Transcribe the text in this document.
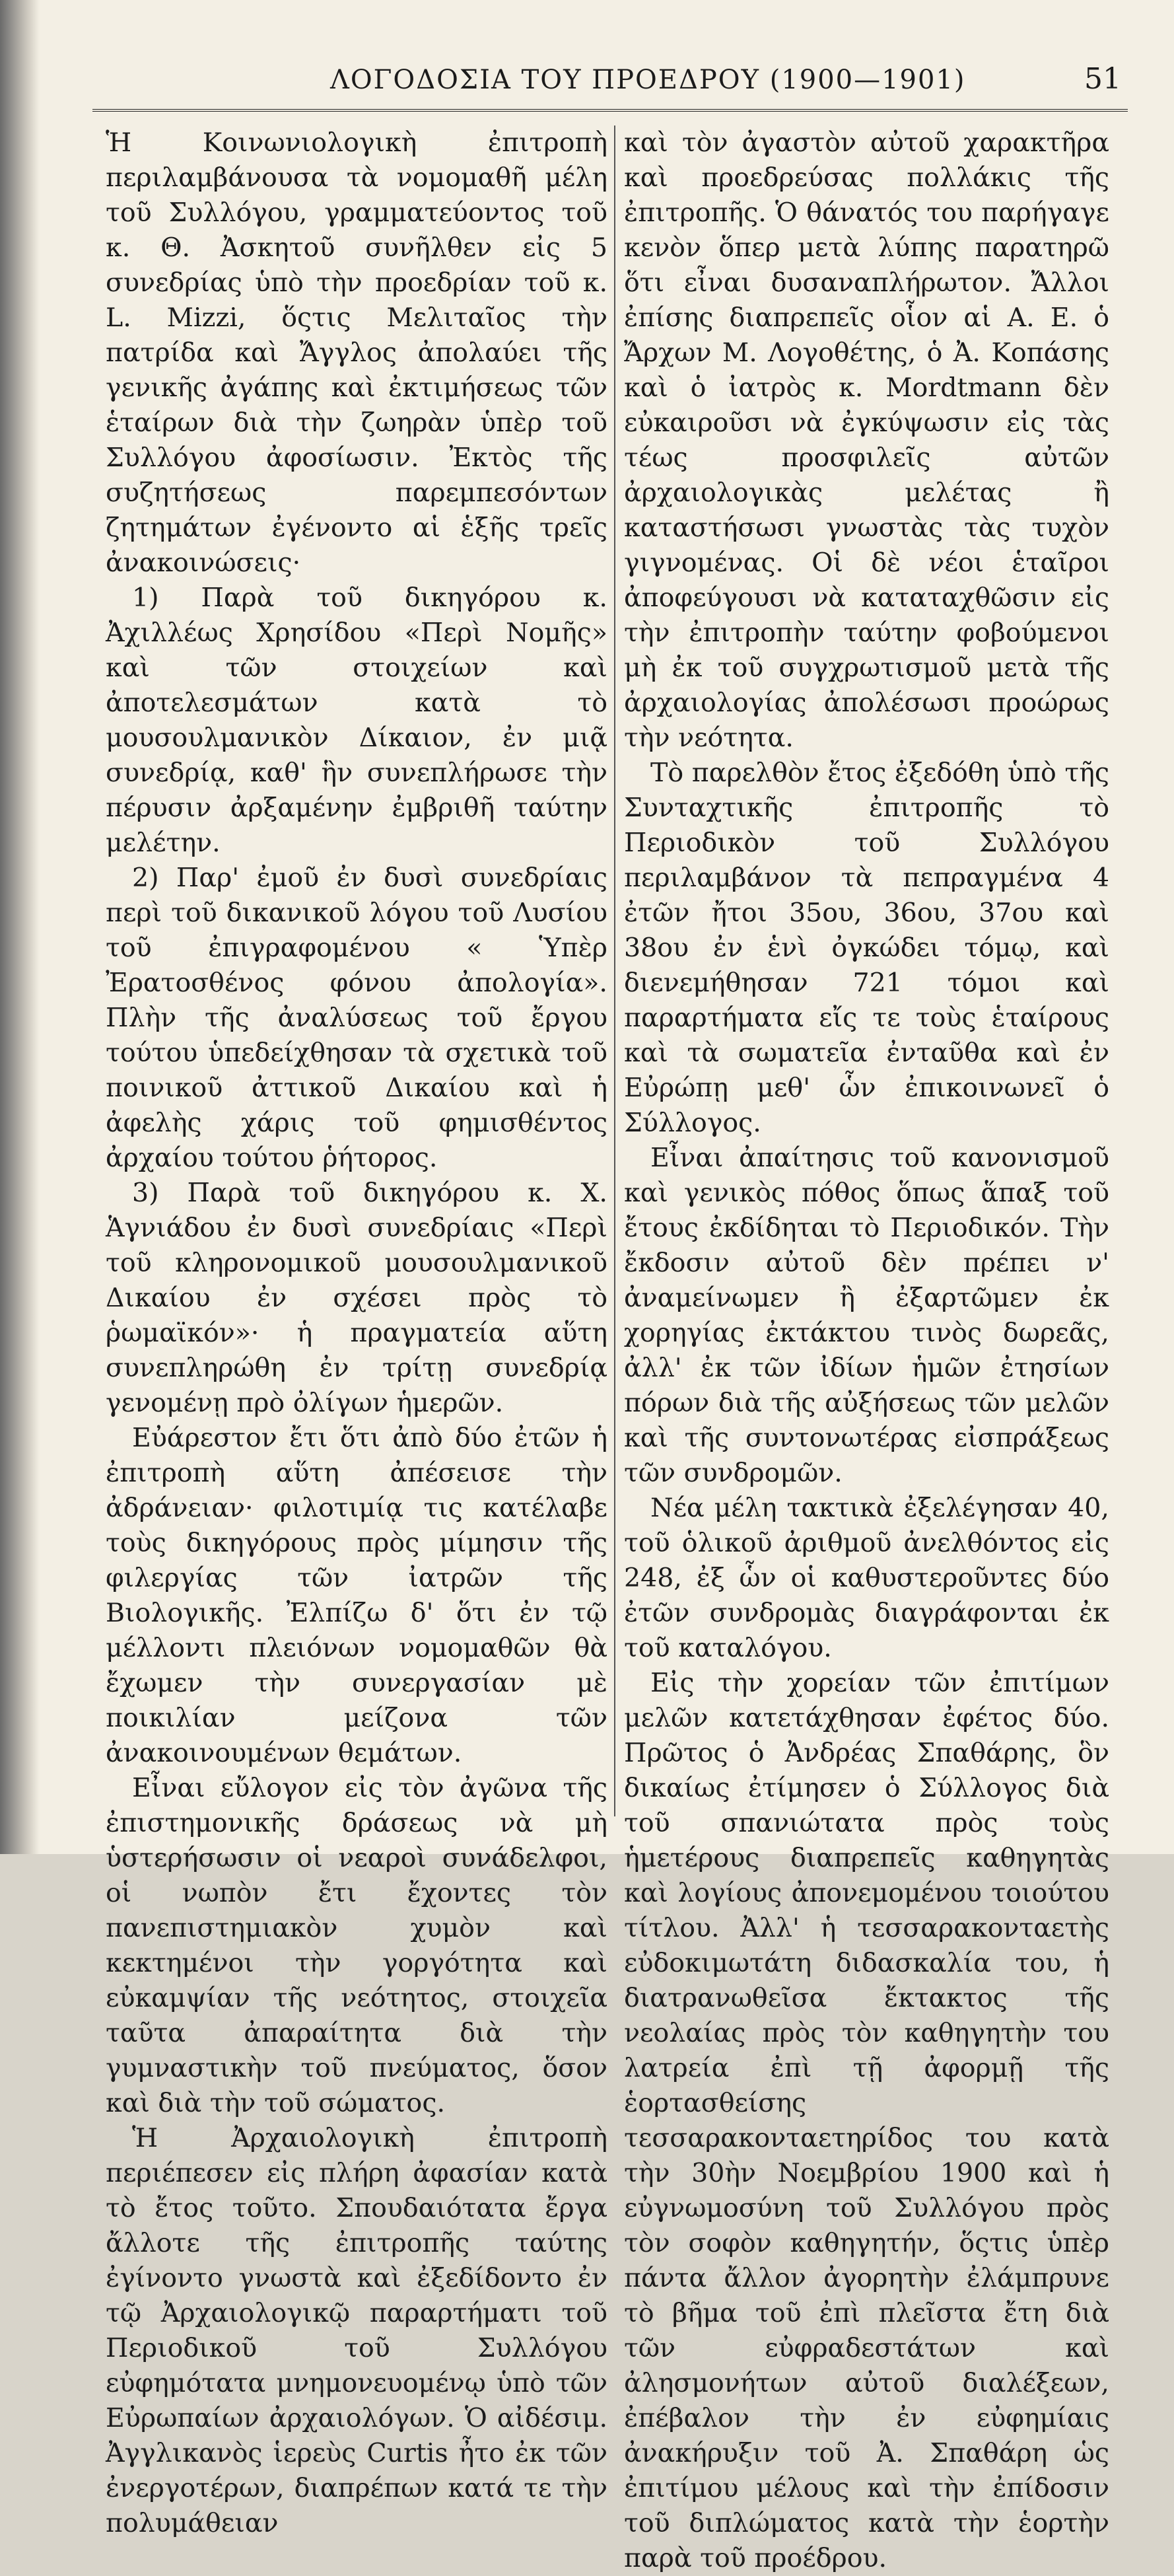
ΛΟΓΟΔΟΣΙΑ ΤΟΥ ΠΡΟΕΔΡΟΥ (1900—1901)	51

Ἡ Κοινωνιολογικὴ ἐπιτροπὴ περιλαμβάνουσα τὰ νομομαθῆ μέλη τοῦ Συλλόγου, γραμματεύοντος τοῦ κ. Θ. Ἀσκητοῦ συνῆλθεν εἰς 5 συνεδρίας ὑπὸ τὴν προεδρίαν τοῦ κ. L. Mizzi, ὅςτις Μελιταῖος τὴν πατρίδα καὶ Ἄγγλος ἀπολαύει τῆς γενικῆς ἀγάπης καὶ ἐκτιμήσεως τῶν ἑταίρων διὰ τὴν ζωηρὰν ὑπὲρ τοῦ Συλλόγου ἀφοσίωσιν. Ἐκτὸς τῆς συζητήσεως παρεμπεσόντων ζητημάτων ἐγένοντο αἱ ἑξῆς τρεῖς ἀνακοινώσεις·

1) Παρὰ τοῦ δικηγόρου κ. Ἀχιλλέως Χρησίδου «Περὶ Νομῆς» καὶ τῶν στοιχείων καὶ ἀποτελεσμάτων κατὰ τὸ μουσουλμανικὸν Δίκαιον, ἐν μιᾷ συνεδρίᾳ, καθ' ἣν συνεπλήρωσε τὴν πέρυσιν ἀρξαμένην ἐμβριθῆ ταύτην μελέτην.

2) Παρ' ἐμοῦ ἐν δυσὶ συνεδρίαις περὶ τοῦ δικανικοῦ λόγου τοῦ Λυσίου τοῦ ἐπιγραφομένου « Ὑπὲρ Ἐρατοσθένος φόνου ἀπολογία». Πλὴν τῆς ἀναλύσεως τοῦ ἔργου τούτου ὑπεδείχθησαν τὰ σχετικὰ τοῦ ποινικοῦ ἀττικοῦ Δικαίου καὶ ἡ ἀφελὴς χάρις τοῦ φημισθέντος ἀρχαίου τούτου ῥήτορος.

3) Παρὰ τοῦ δικηγόρου κ. Χ. Ἁγνιάδου ἐν δυσὶ συνεδρίαις «Περὶ τοῦ κληρονομικοῦ μουσουλμανικοῦ Δικαίου ἐν σχέσει πρὸς τὸ ῥωμαϊκόν»· ἡ πραγματεία αὕτη συνεπληρώθη ἐν τρίτῃ συνεδρίᾳ γενομένῃ πρὸ ὀλίγων ἡμερῶν.

Εὐάρεστον ἔτι ὅτι ἀπὸ δύο ἐτῶν ἡ ἐπιτροπὴ αὕτη ἀπέσεισε τὴν ἀδράνειαν· φιλοτιμίᾳ τις κατέλαβε τοὺς δικηγόρους πρὸς μίμησιν τῆς φιλεργίας τῶν ἰατρῶν τῆς Βιολογικῆς. Ἐλπίζω δ' ὅτι ἐν τῷ μέλλοντι πλειόνων νομομαθῶν θὰ ἔχωμεν τὴν συνεργασίαν μὲ ποικιλίαν μείζονα τῶν ἀνακοινουμένων θεμάτων.

Εἶναι εὔλογον εἰς τὸν ἀγῶνα τῆς ἐπιστημονικῆς δράσεως νὰ μὴ ὑστερήσωσιν οἱ νεαροὶ συνάδελφοι, οἱ νωπὸν ἔτι ἔχοντες τὸν πανεπιστημιακὸν χυμὸν καὶ κεκτημένοι τὴν γοργότητα καὶ εὐκαμψίαν τῆς νεότητος, στοιχεῖα ταῦτα ἀπαραίτητα διὰ τὴν γυμναστικὴν τοῦ πνεύματος, ὅσον καὶ διὰ τὴν τοῦ σώματος.

Ἡ Ἀρχαιολογικὴ ἐπιτροπὴ περιέπεσεν εἰς πλήρη ἀφασίαν κατὰ τὸ ἔτος τοῦτο. Σπουδαιότατα ἔργα ἄλλοτε τῆς ἐπιτροπῆς ταύτης ἐγίνοντο γνωστὰ καὶ ἐξεδίδοντο ἐν τῷ Ἀρχαιολογικῷ παραρτήματι τοῦ Περιοδικοῦ τοῦ Συλλόγου εὐφημότατα μνημονευομένῳ ὑπὸ τῶν Εὐρωπαίων ἀρχαιολόγων. Ὁ αἰδέσιμ. Ἀγγλικανὸς ἱερεὺς Curtis ἦτο ἐκ τῶν ἐνεργοτέρων, διαπρέπων κατά τε τὴν πολυμάθειαν

καὶ τὸν ἀγαστὸν αὐτοῦ χαρακτῆρα καὶ προεδρεύσας πολλάκις τῆς ἐπιτροπῆς. Ὁ θάνατός του παρήγαγε κενὸν ὅπερ μετὰ λύπης παρατηρῶ ὅτι εἶναι δυσαναπλήρωτον. Ἄλλοι ἐπίσης διαπρεπεῖς οἷον αἱ Α. Ε. ὁ Ἄρχων Μ. Λογοθέτης, ὁ Ἀ. Κοπάσης καὶ ὁ ἰατρὸς κ. Mordtmann δὲν εὐκαιροῦσι νὰ ἐγκύψωσιν εἰς τὰς τέως προσφιλεῖς αὐτῶν ἀρχαιολογικὰς μελέτας ἢ καταστήσωσι γνωστὰς τὰς τυχὸν γιγνομένας. Οἱ δὲ νέοι ἑταῖροι ἀποφεύγουσι νὰ καταταχθῶσιν εἰς τὴν ἐπιτροπὴν ταύτην φοβούμενοι μὴ ἐκ τοῦ συγχρωτισμοῦ μετὰ τῆς ἀρχαιολογίας ἀπολέσωσι προώρως τὴν νεότητα.

Τὸ παρελθὸν ἔτος ἐξεδόθη ὑπὸ τῆς Συνταχτικῆς ἐπιτροπῆς τὸ Περιοδικὸν τοῦ Συλλόγου περιλαμβάνον τὰ πεπραγμένα 4 ἐτῶν ἤτοι 35ου, 36ου, 37ου καὶ 38ου ἐν ἑνὶ ὀγκώδει τόμῳ, καὶ διενεμήθησαν 721 τόμοι καὶ παραρτήματα εἴς τε τοὺς ἑταίρους καὶ τὰ σωματεῖα ἐνταῦθα καὶ ἐν Εὐρώπῃ μεθ' ὧν ἐπικοινωνεῖ ὁ Σύλλογος.

Εἶναι ἀπαίτησις τοῦ κανονισμοῦ καὶ γενικὸς πόθος ὅπως ἅπαξ τοῦ ἔτους ἐκδίδηται τὸ Περιοδικόν. Τὴν ἔκδοσιν αὐτοῦ δὲν πρέπει ν' ἀναμείνωμεν ἢ ἐξαρτῶμεν ἐκ χορηγίας ἐκτάκτου τινὸς δωρεᾶς, ἀλλ' ἐκ τῶν ἰδίων ἡμῶν ἐτησίων πόρων διὰ τῆς αὐξήσεως τῶν μελῶν καὶ τῆς συντονωτέρας εἰσπράξεως τῶν συνδρομῶν.

Νέα μέλη τακτικὰ ἐξελέγησαν 40, τοῦ ὁλικοῦ ἀριθμοῦ ἀνελθόντος εἰς 248, ἐξ ὧν οἱ καθυστεροῦντες δύο ἐτῶν συνδρομὰς διαγράφονται ἐκ τοῦ καταλόγου.

Εἰς τὴν χορείαν τῶν ἐπιτίμων μελῶν κατετάχθησαν ἐφέτος δύο. Πρῶτος ὁ Ἀνδρέας Σπαθάρης, ὃν δικαίως ἐτίμησεν ὁ Σύλλογος διὰ τοῦ σπανιώτατα πρὸς τοὺς ἡμετέρους διαπρεπεῖς καθηγητὰς καὶ λογίους ἀπονεμομένου τοιούτου τίτλου. Ἀλλ' ἡ τεσσαρακονταετὴς εὐδοκιμωτάτη διδασκαλία του, ἡ διατρανωθεῖσα ἔκτακτος τῆς νεολαίας πρὸς τὸν καθηγητὴν του λατρεία ἐπὶ τῇ ἀφορμῇ τῆς ἑορτασθείσης τεσσαρακονταετηρίδος του κατὰ τὴν 30ὴν Νοεμβρίου 1900 καὶ ἡ εὐγνωμοσύνη τοῦ Συλλόγου πρὸς τὸν σοφὸν καθηγητήν, ὅςτις ὑπὲρ πάντα ἄλλον ἀγορητὴν ἐλάμπρυνε τὸ βῆμα τοῦ ἐπὶ πλεῖστα ἔτη διὰ τῶν εὐφραδεστάτων καὶ ἀλησμονήτων αὐτοῦ διαλέξεων, ἐπέβαλον τὴν ἐν εὐφημίαις ἀνακήρυξιν τοῦ Ἀ. Σπαθάρη ὡς ἐπιτίμου μέλους καὶ τὴν ἐπίδοσιν τοῦ διπλώματος κατὰ τὴν ἑορτὴν παρὰ τοῦ προέδρου.
